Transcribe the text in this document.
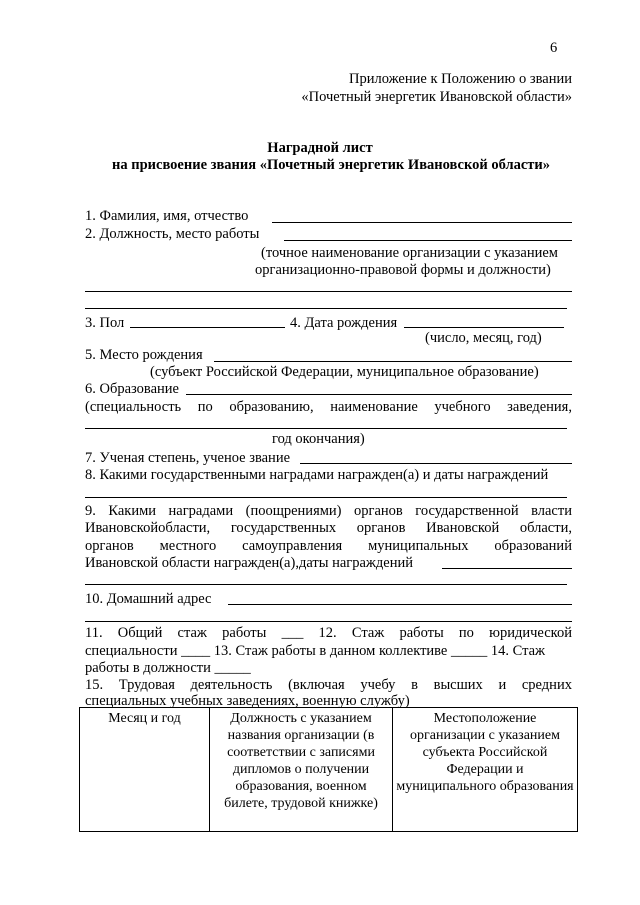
6
Приложение к Положению о звании
«Почетный энергетик Ивановской области»
Наградной лист
на присвоение звания «Почетный энергетик Ивановской области»
1. Фамилия, имя, отчество
2. Должность, место работы
(точное наименование организации с указанием
организационно-правовой формы и должности)
3. Пол	4. Дата рождения
(число, месяц, год)
5. Место рождения
(субъект Российской Федерации, муниципальное образование)
6. Образование
(специальность по образованию, наименование учебного заведения,
год окончания)
7. Ученая степень, ученое звание
8. Какими государственными наградами награжден(а) и даты награждений
9. Какими наградами (поощрениями) органов государственной власти
Ивановскойобласти, государственных органов Ивановской области,
органов местного самоуправления муниципальных образований
Ивановской области награжден(а),даты награждений
10. Домашний адрес
11. Общий стаж работы ___ 12. Стаж работы по юридической
специальности ____ 13. Стаж работы в данном коллективе _____ 14. Стаж
работы в должности _____
15. Трудовая деятельность (включая учебу в высших и средних
специальных учебных заведениях, военную службу)
Месяц и год	Должность с указанием названия организации (в соответствии с записями дипломов о получении образования, военном билете, трудовой книжке)	Местоположение организации с указанием субъекта Российской Федерации и муниципального образования
